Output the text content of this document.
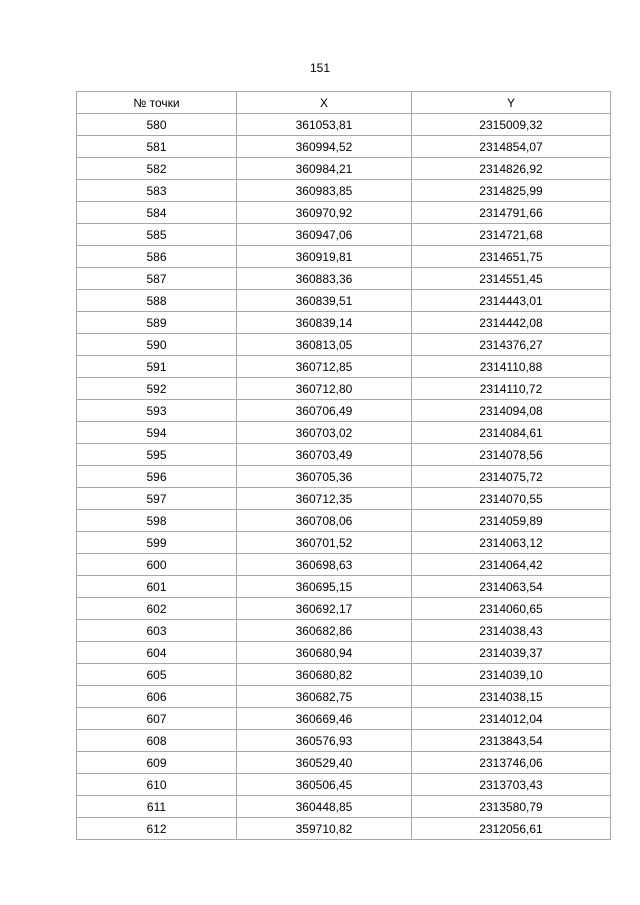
151
№ точки	X	Y
580	361053,81	2315009,32
581	360994,52	2314854,07
582	360984,21	2314826,92
583	360983,85	2314825,99
584	360970,92	2314791,66
585	360947,06	2314721,68
586	360919,81	2314651,75
587	360883,36	2314551,45
588	360839,51	2314443,01
589	360839,14	2314442,08
590	360813,05	2314376,27
591	360712,85	2314110,88
592	360712,80	2314110,72
593	360706,49	2314094,08
594	360703,02	2314084,61
595	360703,49	2314078,56
596	360705,36	2314075,72
597	360712,35	2314070,55
598	360708,06	2314059,89
599	360701,52	2314063,12
600	360698,63	2314064,42
601	360695,15	2314063,54
602	360692,17	2314060,65
603	360682,86	2314038,43
604	360680,94	2314039,37
605	360680,82	2314039,10
606	360682,75	2314038,15
607	360669,46	2314012,04
608	360576,93	2313843,54
609	360529,40	2313746,06
610	360506,45	2313703,43
611	360448,85	2313580,79
612	359710,82	2312056,61
